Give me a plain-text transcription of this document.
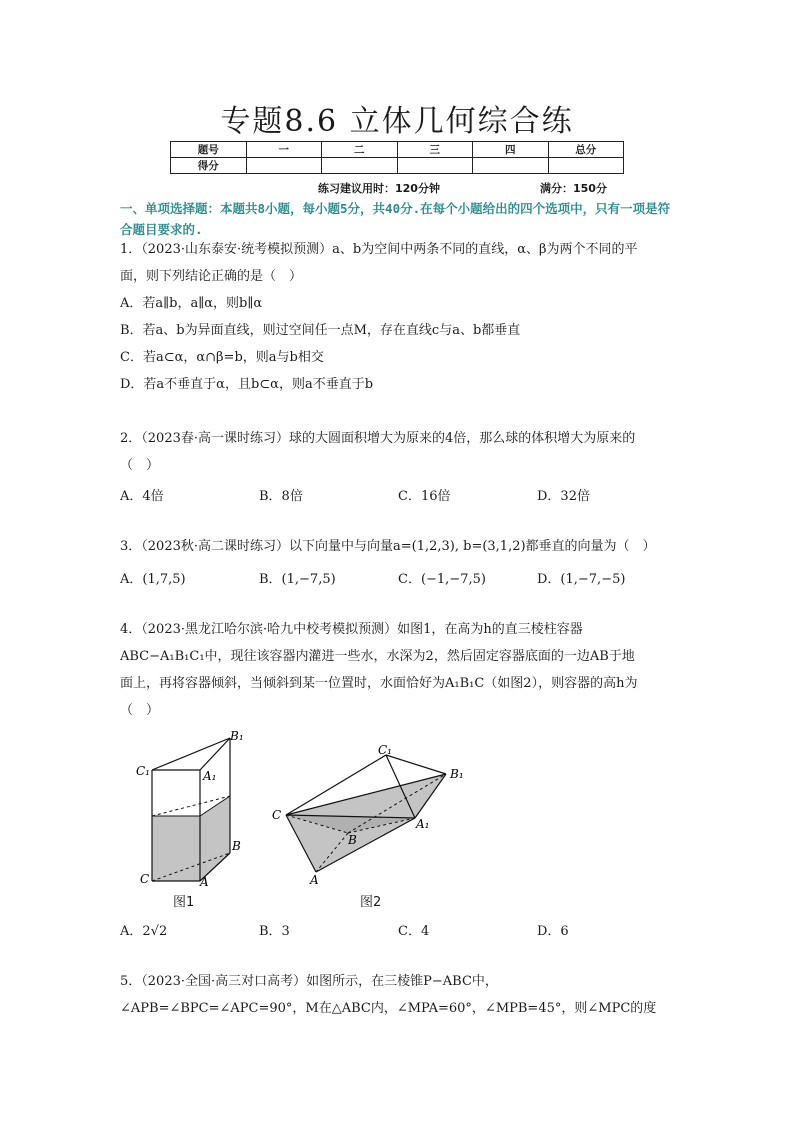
专题8.6 立体几何综合练
题号	一	二	三	四	总分
得分					
练习建议用时：120分钟	满分：150分
一、单项选择题：本题共8小题，每小题5分，共40分.在每个小题给出的四个选项中，只有一项是符合题目要求的.

1．（2023·山东泰安·统考模拟预测）a、b为空间中两条不同的直线，α、β为两个不同的平

面，则下列结论正确的是（　）

A．若a∥b，a∥α，则b∥α

B．若a、b为异面直线，则过空间任一点M，存在直线c与a、b都垂直

C．若a⊂α，α∩β=b，则a与b相交

D．若a不垂直于α，且b⊂α，则a不垂直于b

2．（2023春·高一课时练习）球的大圆面积增大为原来的4倍，那么球的体积增大为原来的

（　）

A．4倍	B．8倍	C．16倍	D．32倍

3．（2023秋·高二课时练习）以下向量中与向量a=(1,2,3), b=(3,1,2)都垂直的向量为（　）

A．(1,7,5)	B．(1,−7,5)	C．(−1,−7,5)	D．(1,−7,−5)

4．（2023·黑龙江哈尔滨·哈九中校考模拟预测）如图1，在高为h的直三棱柱容器

ABC−A₁B₁C₁中，现往该容器内灌进一些水，水深为2，然后固定容器底面的一边AB于地

面上，再将容器倾斜，当倾斜到某一位置时，水面恰好为A₁B₁C（如图2），则容器的高h为

（　）

C₁	A₁
B₁
B
C	A
图1
C₁
B₁
A₁
C
B
A
图2
A．2√2	B．3	C．4	D．6

5．（2023·全国·高三对口高考）如图所示，在三棱锥P−ABC中，

∠APB=∠BPC=∠APC=90°，M在△ABC内，∠MPA=60°，∠MPB=45°，则∠MPC的度
